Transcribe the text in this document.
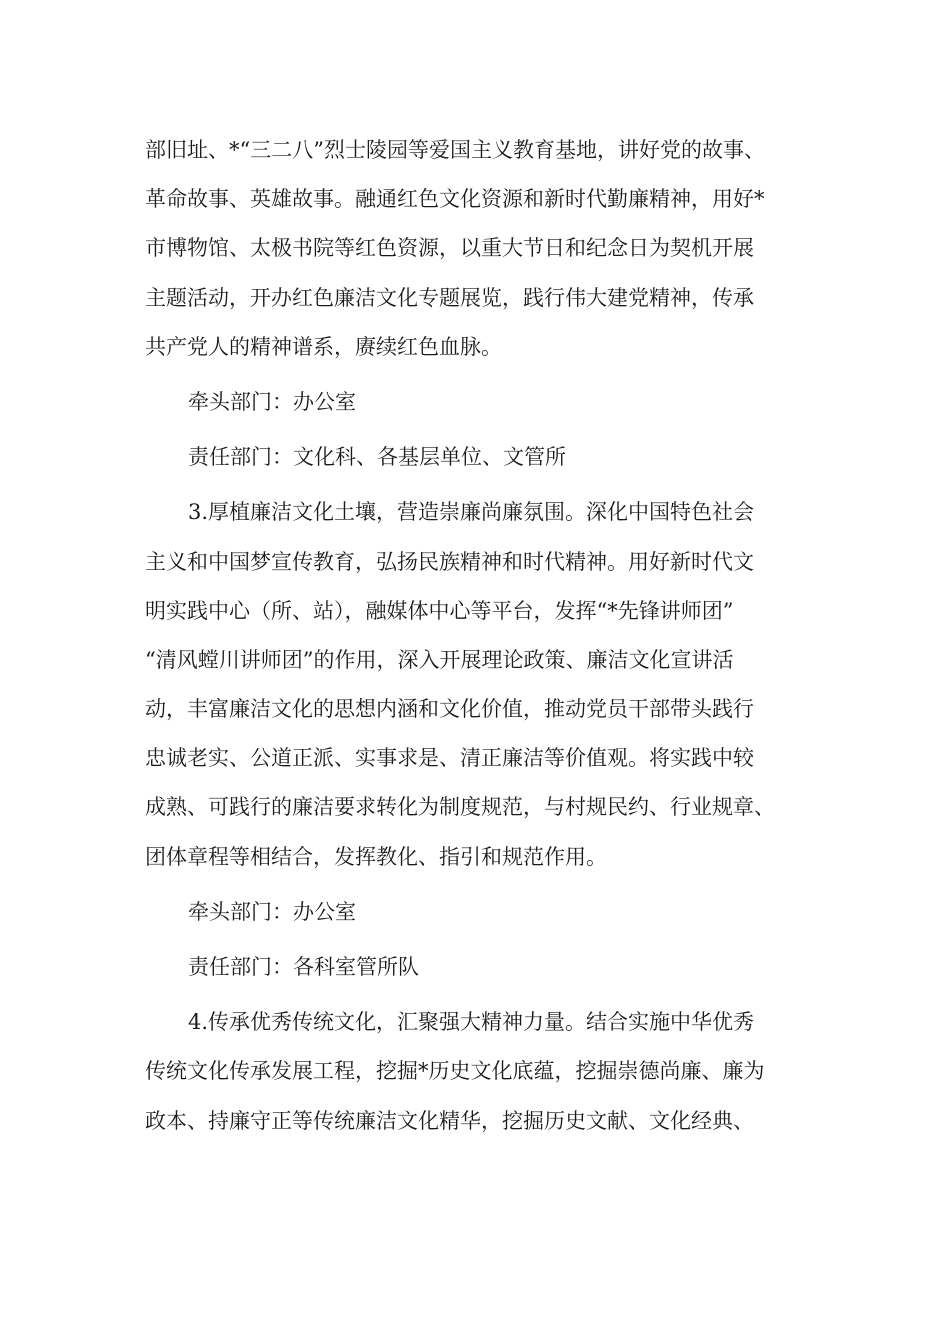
部旧址、*“三二八”烈士陵园等爱国主义教育基地，讲好党的故事、

革命故事、英雄故事。融通红色文化资源和新时代勤廉精神，用好*

市博物馆、太极书院等红色资源，以重大节日和纪念日为契机开展

主题活动，开办红色廉洁文化专题展览，践行伟大建党精神，传承

共产党人的精神谱系，赓续红色血脉。

牵头部门：办公室

责任部门：文化科、各基层单位、文管所

3.厚植廉洁文化土壤，营造崇廉尚廉氛围。深化中国特色社会

主义和中国梦宣传教育，弘扬民族精神和时代精神。用好新时代文

明实践中心（所、站），融媒体中心等平台，发挥“*先锋讲师团”

“清风螳川讲师团”的作用，深入开展理论政策、廉洁文化宣讲活

动，丰富廉洁文化的思想内涵和文化价值，推动党员干部带头践行

忠诚老实、公道正派、实事求是、清正廉洁等价值观。将实践中较

成熟、可践行的廉洁要求转化为制度规范，与村规民约、行业规章、

团体章程等相结合，发挥教化、指引和规范作用。

牵头部门：办公室

责任部门：各科室管所队

4.传承优秀传统文化，汇聚强大精神力量。结合实施中华优秀

传统文化传承发展工程，挖掘*历史文化底蕴，挖掘崇德尚廉、廉为

政本、持廉守正等传统廉洁文化精华，挖掘历史文献、文化经典、
